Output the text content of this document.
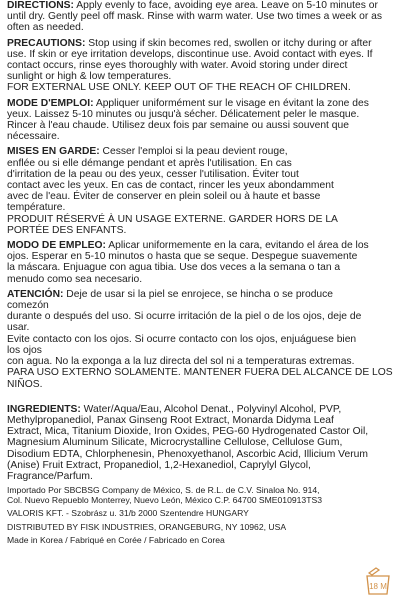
DIRECTIONS: Apply evenly to face, avoiding eye area. Leave on 5-10 minutes or
until dry. Gently peel off mask. Rinse with warm water. Use two times a week or as
often as needed.
PRECAUTIONS: Stop using if skin becomes red, swollen or itchy during or after
use. If skin or eye irritation develops, discontinue use. Avoid contact with eyes. If
contact occurs, rinse eyes thoroughly with water. Avoid storing under direct
sunlight or high & low temperatures.
FOR EXTERNAL USE ONLY. KEEP OUT OF THE REACH OF CHILDREN.
MODE D'EMPLOI: Appliquer uniformément sur le visage en évitant la zone des
yeux. Laissez 5-10 minutes ou jusqu'à sécher. Délicatement peler le masque.
Rincer à l'eau chaude. Utilisez deux fois par semaine ou aussi souvent que
nécessaire.
MISES EN GARDE: Cesser l'emploi si la peau devient rouge,
enflée ou si elle démange pendant et après l'utilisation. En cas
d'irritation de la peau ou des yeux, cesser l'utilisation. Éviter tout
contact avec les yeux. En cas de contact, rincer les yeux abondamment
avec de l'eau. Éviter de conserver en plein soleil ou à haute et basse
température.
PRODUIT RÉSERVÉ À UN USAGE EXTERNE. GARDER HORS DE LA
PORTÉE DES ENFANTS.
MODO DE EMPLEO: Aplicar uniformemente en la cara, evitando el área de los
ojos. Esperar en 5-10 minutos o hasta que se seque. Despegue suavemente
la máscara. Enjuague con agua tibia. Use dos veces a la semana o tan a
menudo como sea necesario.
ATENCIÓN: Deje de usar si la piel se enrojece, se hincha o se produce
comezón
durante o después del uso. Si ocurre irritación de la piel o de los ojos, deje de
usar.
Evite contacto con los ojos. Si ocurre contacto con los ojos, enjuáguese bien
los ojos
con agua. No la exponga a la luz directa del sol ni a temperaturas extremas.
PARA USO EXTERNO SOLAMENTE. MANTENER FUERA DEL ALCANCE DE LOS
NIÑOS.
INGREDIENTS: Water/Aqua/Eau, Alcohol Denat., Polyvinyl Alcohol, PVP,
Methylpropanediol, Panax Ginseng Root Extract, Monarda Didyma Leaf
Extract, Mica, Titanium Dioxide, Iron Oxides, PEG-60 Hydrogenated Castor Oil,
Magnesium Aluminum Silicate, Microcrystalline Cellulose, Cellulose Gum,
Disodium EDTA, Chlorphenesin, Phenoxyethanol, Ascorbic Acid, Illicium Verum
(Anise) Fruit Extract, Propanediol, 1,2-Hexanediol, Caprylyl Glycol,
Fragrance/Parfum.
Importado Por SBCBSG Company de México, S. de R.L. de C.V. Sinaloa No. 914,
Col. Nuevo Repueblo Monterrey, Nuevo León, México C.P. 64700 SME010913TS3
VALORIS KFT. - Szobrász u. 31/b 2000 Szentendre HUNGARY
DISTRIBUTED BY FISK INDUSTRIES, ORANGEBURG, NY 10962, USA
Made in Korea / Fabriqué en Corée / Fabricado en Corea
18 M
